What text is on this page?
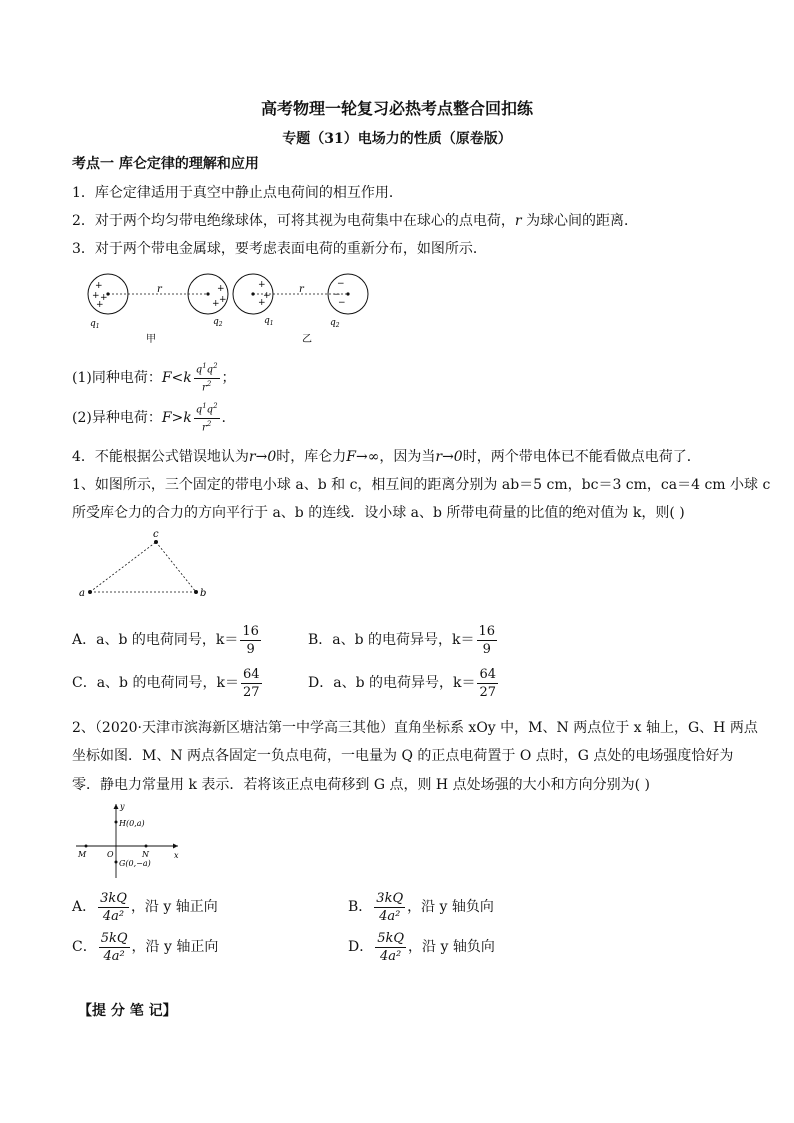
高考物理一轮复习必热考点整合回扣练
专题（31）电场力的性质（原卷版）
考点一 库仑定律的理解和应用
1．库仑定律适用于真空中静止点电荷间的相互作用．
2．对于两个均匀带电绝缘球体，可将其视为电荷集中在球心的点电荷，r 为球心间的距离．
3．对于两个带电金属球，要考虑表面电荷的重新分布，如图所示．
+
+
+
+
+
+
+
+
+
+
−
−
−
r	r
$q_1$	$q_2$	$q_1$	$q_2$
甲	乙
(1)同种电荷：$F<k \frac{q^1q^2}{r^2}$ ；
(2)异种电荷：$F>k \frac{q^1q^2}{r^2}$ .
4．不能根据公式错误地认为r→0时，库仑力F→∞，因为当r→0时，两个带电体已不能看做点电荷了．
1、如图所示，三个固定的带电小球 a、b 和 c，相互间的距离分别为 ab＝5 cm，bc＝3 cm，ca＝4 cm 小球 c
所受库仑力的合力的方向平行于 a、b 的连线．设小球 a、b 所带电荷量的比值的绝对值为 k，则( )
a	b
c
A．a、b 的电荷同号，$k= \frac{16}{9}$	B．a、b 的电荷异号，$k= \frac{16}{9}$
C．a、b 的电荷同号，$k= \frac{64}{27}$	D．a、b 的电荷异号，$k= \frac{64}{27}$
2、（2020·天津市滨海新区塘沽第一中学高三其他）直角坐标系 xOy 中，M、N 两点位于 x 轴上，G、H 两点
坐标如图．M、N 两点各固定一负点电荷，一电量为 Q 的正点电荷置于 O 点时，G 点处的电场强度恰好为
零．静电力常量用 k 表示．若将该正点电荷移到 G 点，则 H 点处场强的大小和方向分别为( )
y
x
H(0,a)
G(0,−a)
M	O	N
A． $\frac{3kQ}{\text{4a²}}$ ，沿 y 轴正向	B． $\frac{3kQ}{\text{4a²}}$ ，沿 y 轴负向
C． $\frac{5kQ}{\text{4a²}}$ ，沿 y 轴正向	D． $\frac{5kQ}{\text{4a²}}$ ，沿 y 轴负向
【提 分 笔 记】
